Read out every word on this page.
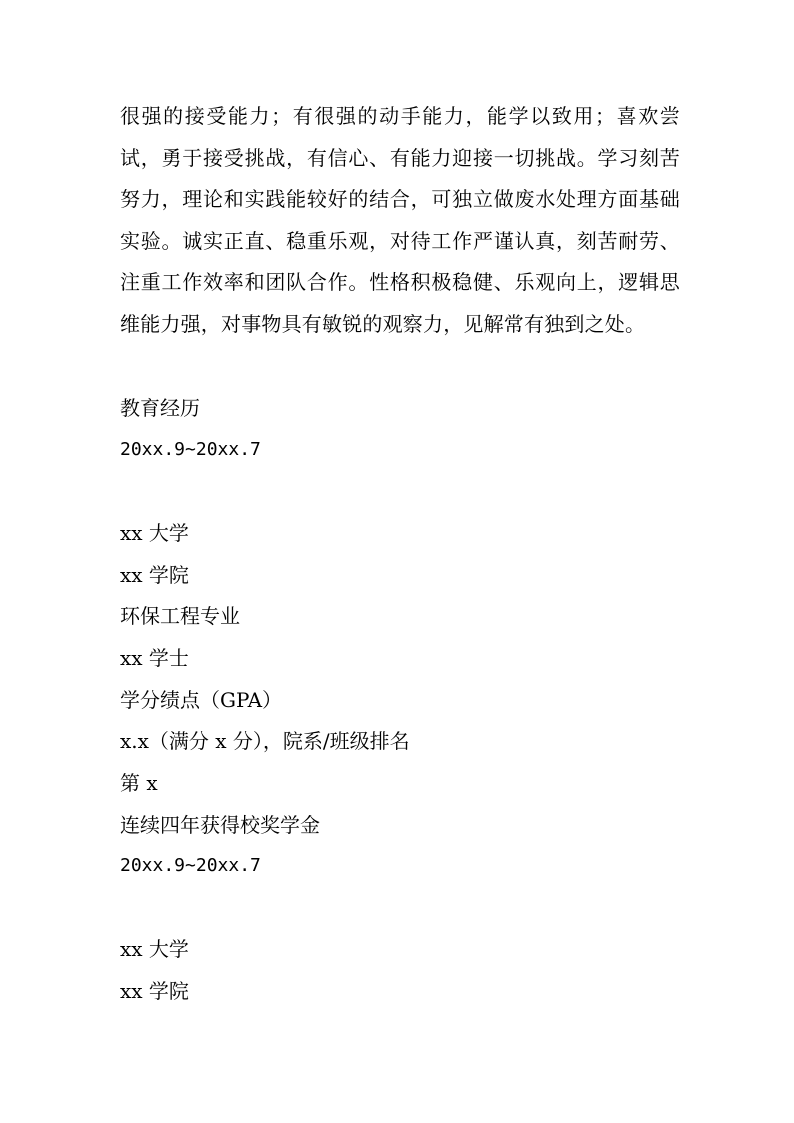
很强的接受能力；有很强的动手能力，能学以致用；喜欢尝试，勇于接受挑战，有信心、有能力迎接一切挑战。学习刻苦努力，理论和实践能较好的结合，可独立做废水处理方面基础实验。诚实正直、稳重乐观，对待工作严谨认真，刻苦耐劳、注重工作效率和团队合作。性格积极稳健、乐观向上，逻辑思维能力强，对事物具有敏锐的观察力，见解常有独到之处。
教育经历
20xx.9~20xx.7
xx 大学
xx 学院
环保工程专业
xx 学士
学分绩点（GPA）
x.x（满分 x 分），院系/班级排名
第 x
连续四年获得校奖学金
20xx.9~20xx.7
xx 大学
xx 学院
